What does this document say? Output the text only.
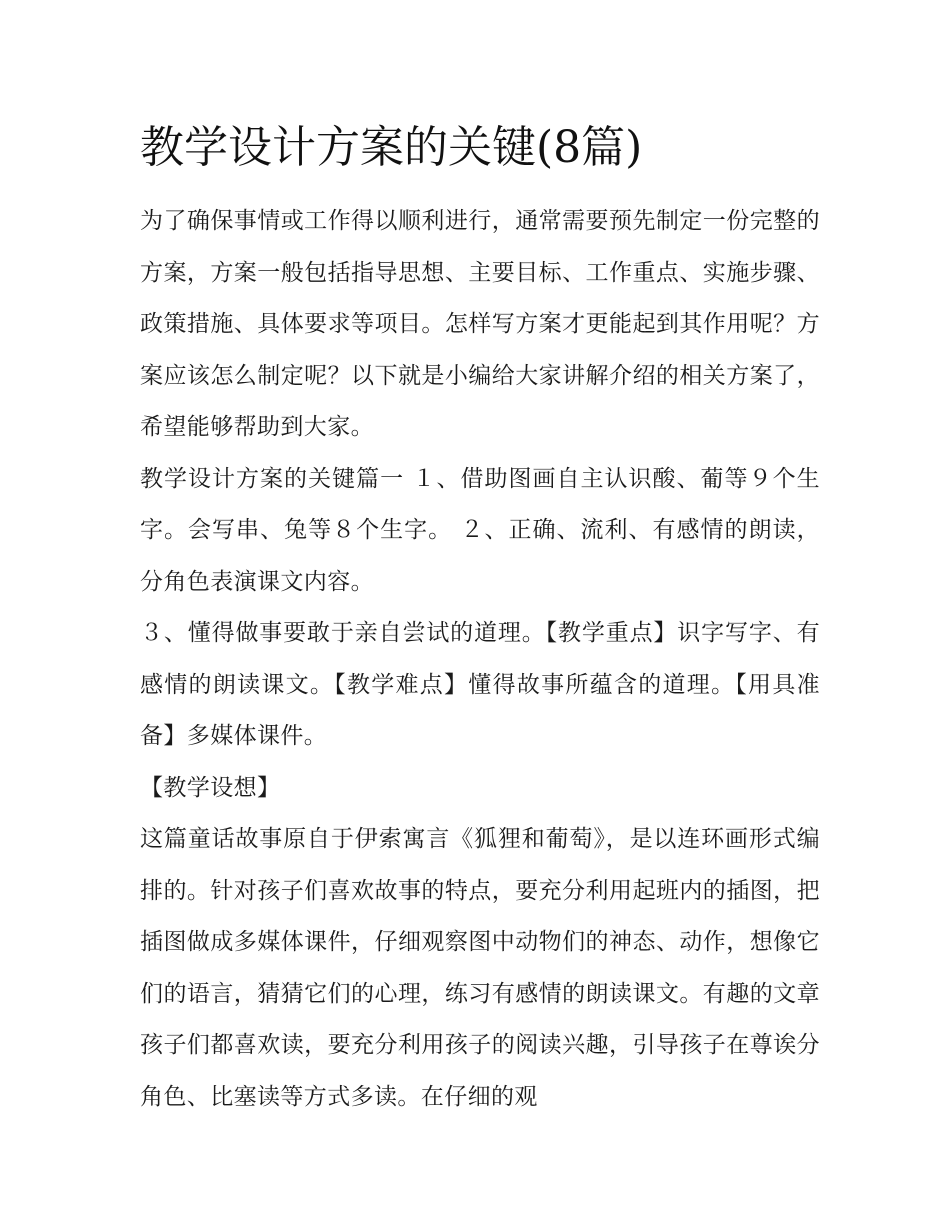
教学设计方案的关键(8篇)

为了确保事情或工作得以顺利进行，通常需要预先制定一份完整的方案，方案一般包括指导思想、主要目标、工作重点、实施步骤、政策措施、具体要求等项目。怎样写方案才更能起到其作用呢？方案应该怎么制定呢？以下就是小编给大家讲解介绍的相关方案了，希望能够帮助到大家。

教学设计方案的关键篇一 １、借助图画自主认识酸、葡等９个生字。会写串、兔等８个生字。 ２、正确、流利、有感情的朗读，分角色表演课文内容。

３、懂得做事要敢于亲自尝试的道理。【教学重点】识字写字、有感情的朗读课文。【教学难点】懂得故事所蕴含的道理。【用具准备】多媒体课件。

【教学设想】

这篇童话故事原自于伊索寓言《狐狸和葡萄》，是以连环画形式编排的。针对孩子们喜欢故事的特点，要充分利用起班内的插图，把插图做成多媒体课件，仔细观察图中动物们的神态、动作，想像它们的语言，猜猜它们的心理，练习有感情的朗读课文。有趣的文章孩子们都喜欢读，要充分利用孩子的阅读兴趣，引导孩子在尊诶分角色、比塞读等方式多读。在仔细的观
